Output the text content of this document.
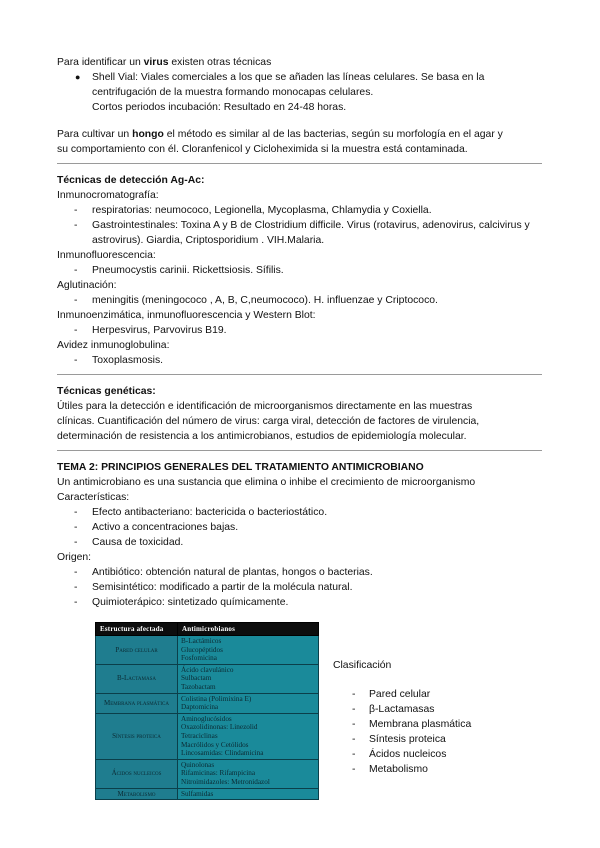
Para identificar un virus existen otras técnicas

● Shell Vial: Viales comerciales a los que se añaden las líneas celulares. Se basa en la
centrifugación de la muestra formando monocapas celulares.
Cortos periodos incubación: Resultado en 24-48 horas.

Para cultivar un hongo el método es similar al de las bacterias, según su morfología en el agar y

su comportamiento con él. Cloranfenicol y Cicloheximida si la muestra está contaminada.

Técnicas de detección Ag-Ac:

Inmunocromatografía:

- respiratorias: neumococo, Legionella, Mycoplasma, Chlamydia y Coxiella.
- Gastrointestinales: Toxina A y B de Clostridium difficile. Virus (rotavirus, adenovirus, calcivirus y astrovirus). Giardia, Criptosporidium . VIH.Malaria.

Inmunofluorescencia:

- Pneumocystis carinii. Rickettsiosis. Sífilis.

Aglutinación:

- meningitis (meningococo , A, B, C,neumococo). H. influenzae y Criptococo.

Inmunoenzimática, inmunofluorescencia y Western Blot:

- Herpesvirus, Parvovirus B19.

Avidez inmunoglobulina:

- Toxoplasmosis.

Técnicas genéticas:

Útiles para la detección e identificación de microorganismos directamente en las muestras

clínicas. Cuantificación del número de virus: carga viral, detección de factores de virulencia,

determinación de resistencia a los antimicrobianos, estudios de epidemiología molecular.

TEMA 2: PRINCIPIOS GENERALES DEL TRATAMIENTO ANTIMICROBIANO

Un antimicrobiano es una sustancia que elimina o inhibe el crecimiento de microorganismo

Características:

- Efecto antibacteriano: bactericida o bacteriostático.
- Activo a concentraciones bajas.
- Causa de toxicidad.

Origen:

- Antibiótico: obtención natural de plantas, hongos o bacterias.
- Semisintético: modificado a partir de la molécula natural.
- Quimioterápico: sintetizado químicamente.
Estructura afectada	Antimicrobianos
Pared celular	B-Lactámicos
Glucopéptidos
Fosfomicina

B-Lactamasa	Ácido clavulánico
Sulbactam
Tazobactam

Membrana plasmática	Colistina (Polimixina E)
Daptomicina

Síntesis proteica	Aminoglucósidos
Oxazolidinonas: Linezolid
Tetraciclinas
Macrólidos y Cetólidos
Lincosamidas: Clindamicina

Ácidos nucleicos	Quinolonas
Rifamicinas: Rifampicina
Nitroimidazoles: Metronidazol

Metabolismo	Sulfamidas

Clasificación

- Pared celular
- β-Lactamasas
- Membrana plasmática
- Síntesis proteica
- Ácidos nucleicos
- Metabolismo
